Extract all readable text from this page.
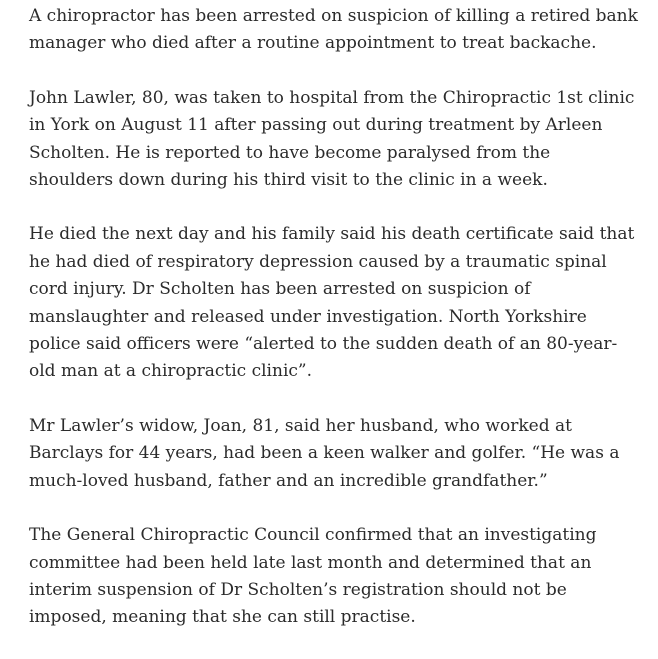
A chiropractor has been arrested on suspicion of killing a retired bank manager who died after a routine appointment to treat backache.

John Lawler, 80, was taken to hospital from the Chiropractic 1st clinic in York on August 11 after passing out during treatment by Arleen Scholten. He is reported to have become paralysed from the shoulders down during his third visit to the clinic in a week.

He died the next day and his family said his death certificate said that he had died of respiratory depression caused by a traumatic spinal cord injury. Dr Scholten has been arrested on suspicion of manslaughter and released under investigation. North Yorkshire police said officers were “alerted to the sudden death of an 80-year-old man at a chiropractic clinic”.

Mr Lawler’s widow, Joan, 81, said her husband, who worked at Barclays for 44 years, had been a keen walker and golfer. “He was a much-loved husband, father and an incredible grandfather.”

The General Chiropractic Council confirmed that an investigating committee had been held late last month and determined that an interim suspension of Dr Scholten’s registration should not be imposed, meaning that she can still practise.
